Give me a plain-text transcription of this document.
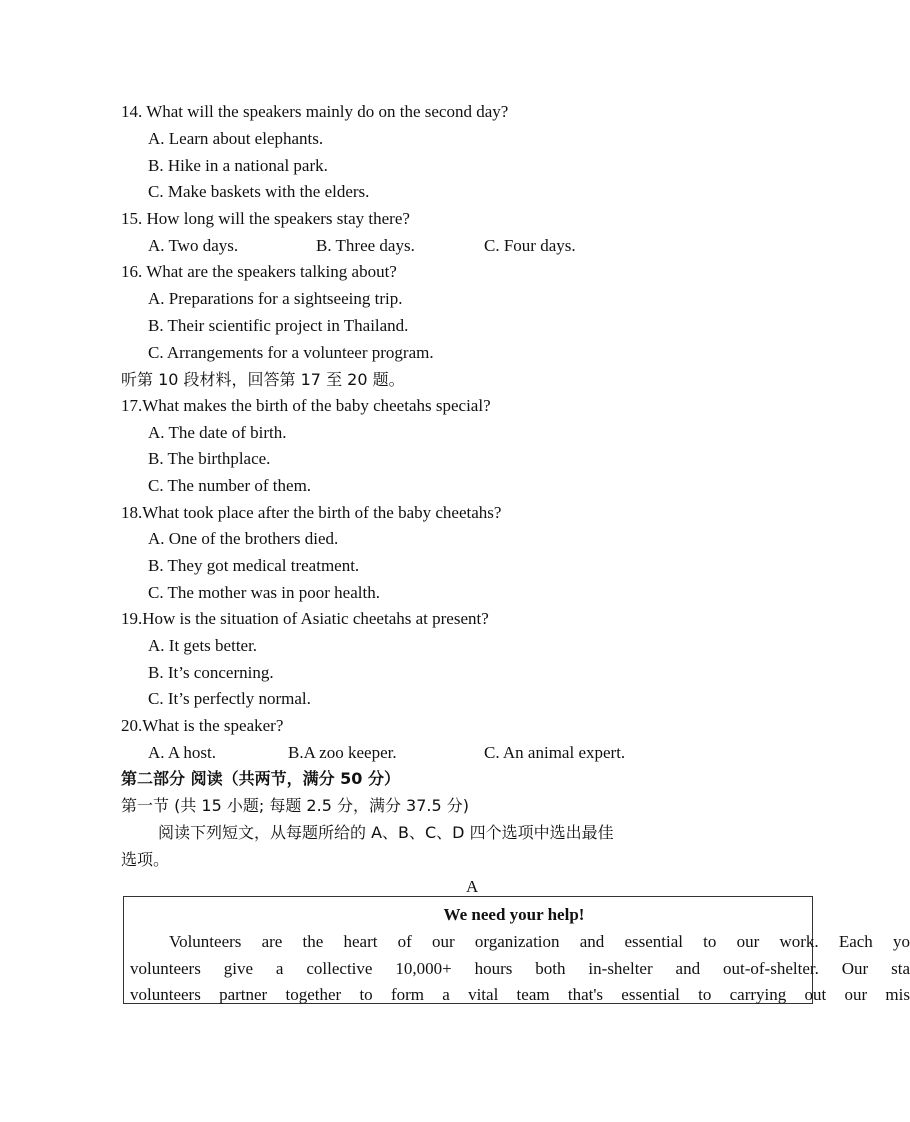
14. What will the speakers mainly do on the second day?
A. Learn about elephants.
B. Hike in a national park.
C. Make baskets with the elders.
15. How long will the speakers stay there?
A. Two days.	B. Three days.	C. Four days.
16. What are the speakers talking about?
A. Preparations for a sightseeing trip.
B. Their scientific project in Thailand.
C. Arrangements for a volunteer program.
听第 10 段材料，回答第 17 至 20 题。
17.What makes the birth of the baby cheetahs special?
A. The date of birth.
B. The birthplace.
C. The number of them.
18.What took place after the birth of the baby cheetahs?
A. One of the brothers died.
B. They got medical treatment.
C. The mother was in poor health.
19.How is the situation of Asiatic cheetahs at present?
A. It gets better.
B. It’s concerning.
C. It’s perfectly normal.
20.What is the speaker?
A. A host.	B.A zoo keeper.	C. An animal expert.
第二部分 阅读（共两节，满分 50 分）
第一节 (共 15 小题; 每题 2.5 分，满分 37.5 分)
阅读下列短文，从每题所给的 A、B、C、D 四个选项中选出最佳
选项。
A
We need your help!
Volunteers are the heart of our organization and essential to our work. Each yo
volunteers give a collective 10,000+ hours both in-shelter and out-of-shelter. Our sta
volunteers partner together to form a vital team that's essential to carrying out our mis
